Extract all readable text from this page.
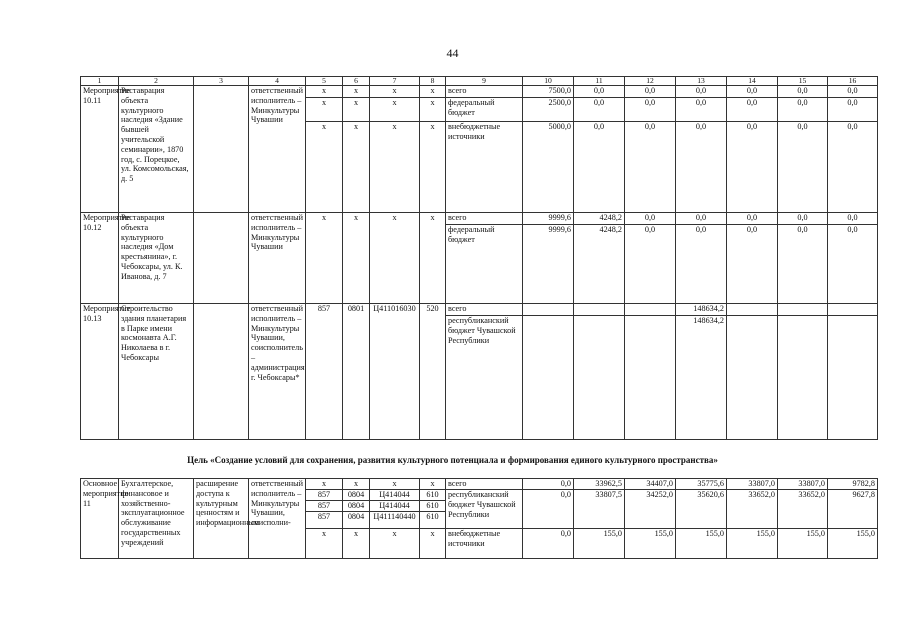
44
1	2	3	4	5	6	7	8	9	10	11	12	13	14	15	16
Мероприятие 10.11	Реставрация объекта культурного наследия «Здание бывшей учительской семинарии», 1870 год, с. Порецкое, ул. Комсомольская, д. 5		ответственный исполнитель – Минкультуры Чувашии	x	x	x	x	всего	7500,0	0,0	0,0	0,0	0,0	0,0	0,0
				x	x	x	x	федеральный бюджет	2500,0	0,0	0,0	0,0	0,0	0,0	0,0
				x	x	x	x	внебюджетные источники	5000,0	0,0	0,0	0,0	0,0	0,0	0,0
Мероприятие 10.12	Реставрация объекта культурного наследия «Дом крестьянина», г. Чебоксары, ул. К. Иванова, д. 7		ответственный исполнитель – Минкультуры Чувашии	x	x	x	x	всего	9999,6	4248,2	0,0	0,0	0,0	0,0	0,0
								федеральный бюджет	9999,6	4248,2	0,0	0,0	0,0	0,0	0,0
Мероприятие 10.13	Строительство здания планетария в Парке имени космонавта А.Г. Николаева в г. Чебоксары		ответственный исполнитель – Минкультуры Чувашии, соисполнитель – администрация г. Чебоксары*	857	0801	Ц411016030	520	всего				148634,2			
								республиканский бюджет Чувашской Республики				148634,2			
Цель «Создание условий для сохранения, развития культурного потенциала и формирования единого культурного пространства»
Основное мероприятие 11	Бухгалтерское, финансовое и хозяйственно-эксплуатационное обслуживание государственных учреждений	расширение доступа к культурным ценностям и информационным	ответственный исполнитель – Минкультуры Чувашии, соисполни-	x	x	x	x	всего	0,0	33962,5	34407,0	35775,6	33807,0	33807,0	9782,8
				857	0804	Ц414044	610	республиканский бюджет Чувашской Республики	0,0	33807,5	34252,0	35620,6	33652,0	33652,0	9627,8
				857	0804	Ц414044	610								
				857	0804	Ц411140440	610								
				x	x	x	x	внебюджетные источники	0,0	155,0	155,0	155,0	155,0	155,0	155,0
